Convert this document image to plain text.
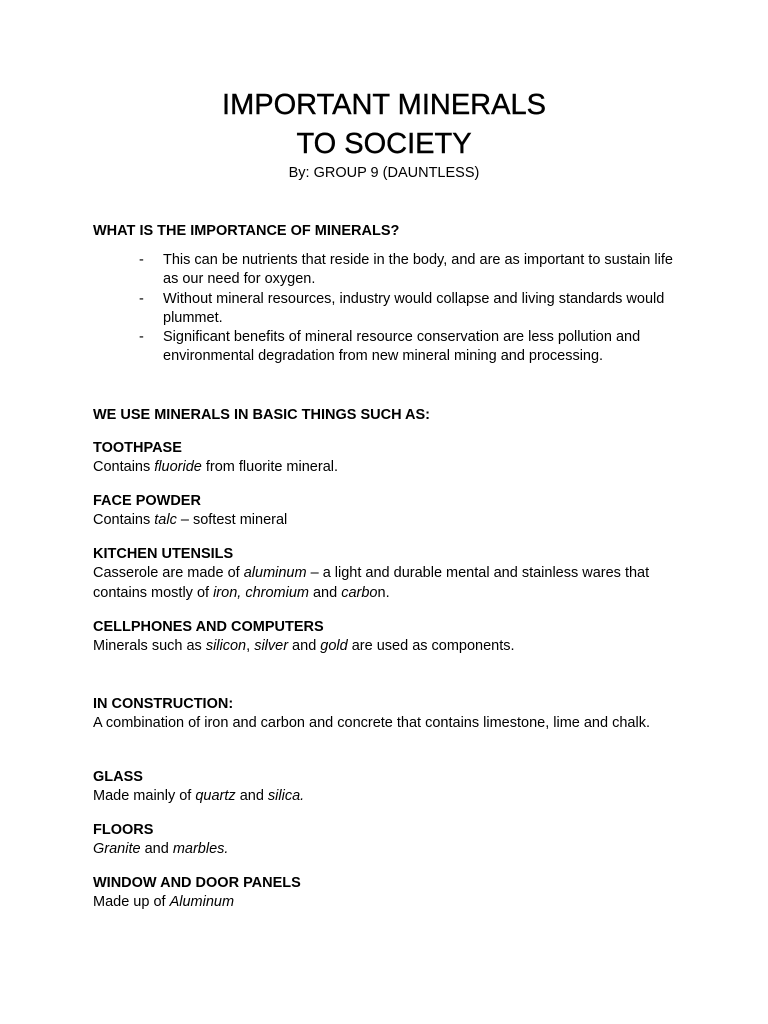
IMPORTANT MINERALS
TO SOCIETY
By: GROUP 9 (DAUNTLESS)

WHAT IS THE IMPORTANCE OF MINERALS?

- This can be nutrients that reside in the body, and are as important to sustain life as our need for oxygen.
- Without mineral resources, industry would collapse and living standards would plummet.
- Significant benefits of mineral resource conservation are less pollution and environmental degradation from new mineral mining and processing.

WE USE MINERALS IN BASIC THINGS SUCH AS:

TOOTHPASE

Contains fluoride from fluorite mineral.

FACE POWDER

Contains talc – softest mineral

KITCHEN UTENSILS

Casserole are made of aluminum – a light and durable mental and stainless wares that contains mostly of iron, chromium and carbon.

CELLPHONES AND COMPUTERS

Minerals such as silicon, silver and gold are used as components.

IN CONSTRUCTION:

A combination of iron and carbon and concrete that contains limestone, lime and chalk.

GLASS

Made mainly of quartz and silica.

FLOORS

Granite and marbles.

WINDOW AND DOOR PANELS

Made up of Aluminum
